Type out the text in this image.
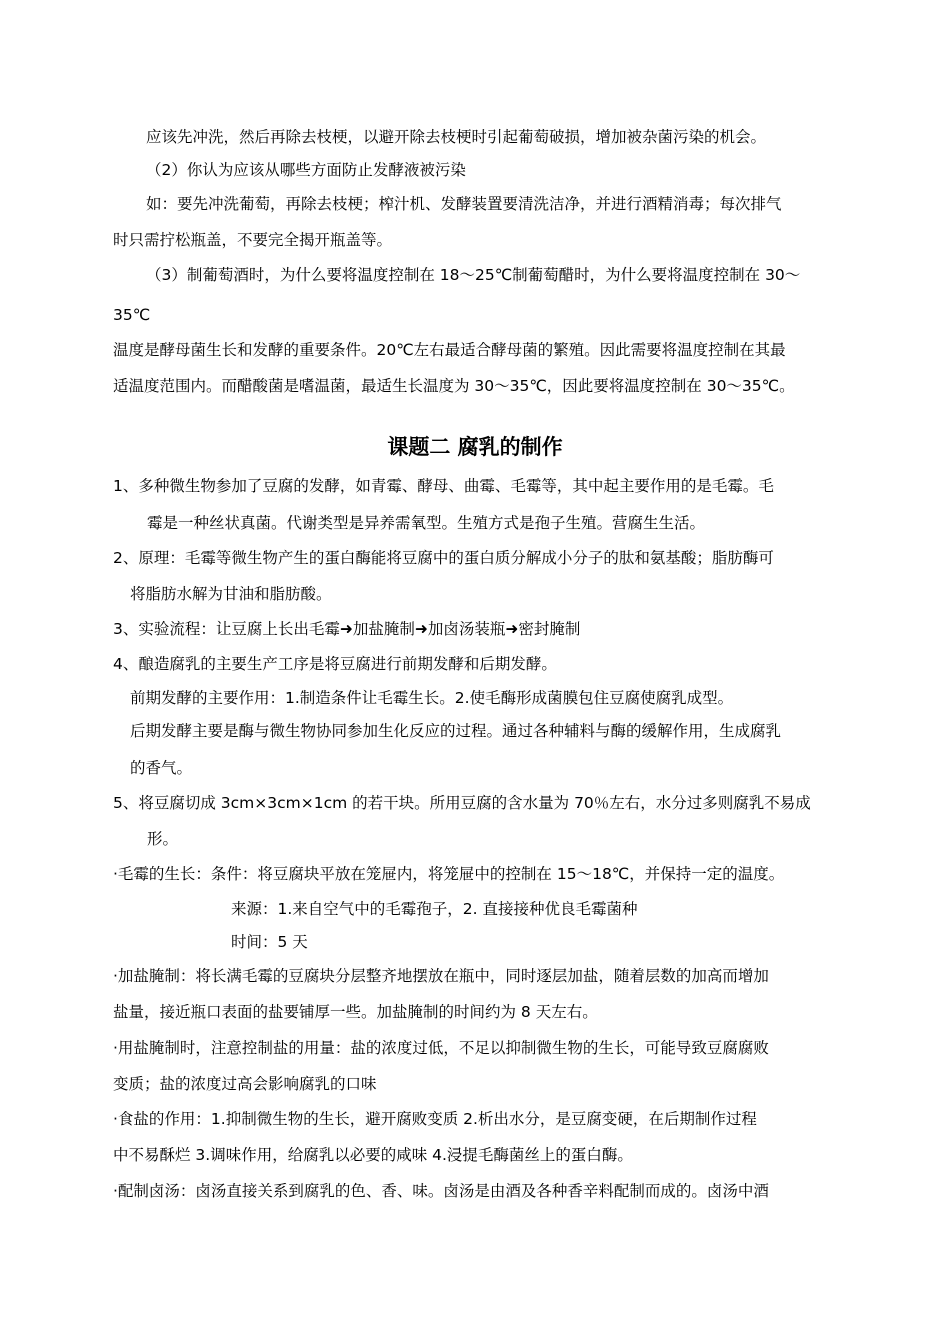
应该先冲洗，然后再除去枝梗，以避开除去枝梗时引起葡萄破损，增加被杂菌污染的机会。
（2）你认为应该从哪些方面防止发酵液被污染
如：要先冲洗葡萄，再除去枝梗；榨汁机、发酵装置要清洗洁净，并进行酒精消毒；每次排气
时只需拧松瓶盖，不要完全揭开瓶盖等。
（3）制葡萄酒时，为什么要将温度控制在 18～25℃制葡萄醋时，为什么要将温度控制在 30～
35℃
温度是酵母菌生长和发酵的重要条件。20℃左右最适合酵母菌的繁殖。因此需要将温度控制在其最
适温度范围内。而醋酸菌是嗜温菌，最适生长温度为 30～35℃，因此要将温度控制在 30～35℃。
课题二 腐乳的制作
1、多种微生物参加了豆腐的发酵，如青霉、酵母、曲霉、毛霉等，其中起主要作用的是毛霉。毛
霉是一种丝状真菌。代谢类型是异养需氧型。生殖方式是孢子生殖。营腐生生活。
2、原理：毛霉等微生物产生的蛋白酶能将豆腐中的蛋白质分解成小分子的肽和氨基酸；脂肪酶可
将脂肪水解为甘油和脂肪酸。
3、实验流程：让豆腐上长出毛霉➜加盐腌制➜加卤汤装瓶➜密封腌制
4、酿造腐乳的主要生产工序是将豆腐进行前期发酵和后期发酵。
前期发酵的主要作用：1.制造条件让毛霉生长。2.使毛酶形成菌膜包住豆腐使腐乳成型。
后期发酵主要是酶与微生物协同参加生化反应的过程。通过各种辅料与酶的缓解作用，生成腐乳
的香气。
5、将豆腐切成 3cm×3cm×1cm 的若干块。所用豆腐的含水量为 70％左右，水分过多则腐乳不易成
形。
·毛霉的生长：条件：将豆腐块平放在笼屉内，将笼屉中的控制在 15～18℃，并保持一定的温度。
来源：1.来自空气中的毛霉孢子，2. 直接接种优良毛霉菌种
时间：5 天
·加盐腌制：将长满毛霉的豆腐块分层整齐地摆放在瓶中，同时逐层加盐，随着层数的加高而增加
盐量，接近瓶口表面的盐要铺厚一些。加盐腌制的时间约为 8 天左右。
·用盐腌制时，注意控制盐的用量：盐的浓度过低，不足以抑制微生物的生长，可能导致豆腐腐败
变质；盐的浓度过高会影响腐乳的口味
·食盐的作用：1.抑制微生物的生长，避开腐败变质 2.析出水分，是豆腐变硬，在后期制作过程
中不易酥烂 3.调味作用，给腐乳以必要的咸味 4.浸提毛酶菌丝上的蛋白酶。
·配制卤汤：卤汤直接关系到腐乳的色、香、味。卤汤是由酒及各种香辛料配制而成的。卤汤中酒
